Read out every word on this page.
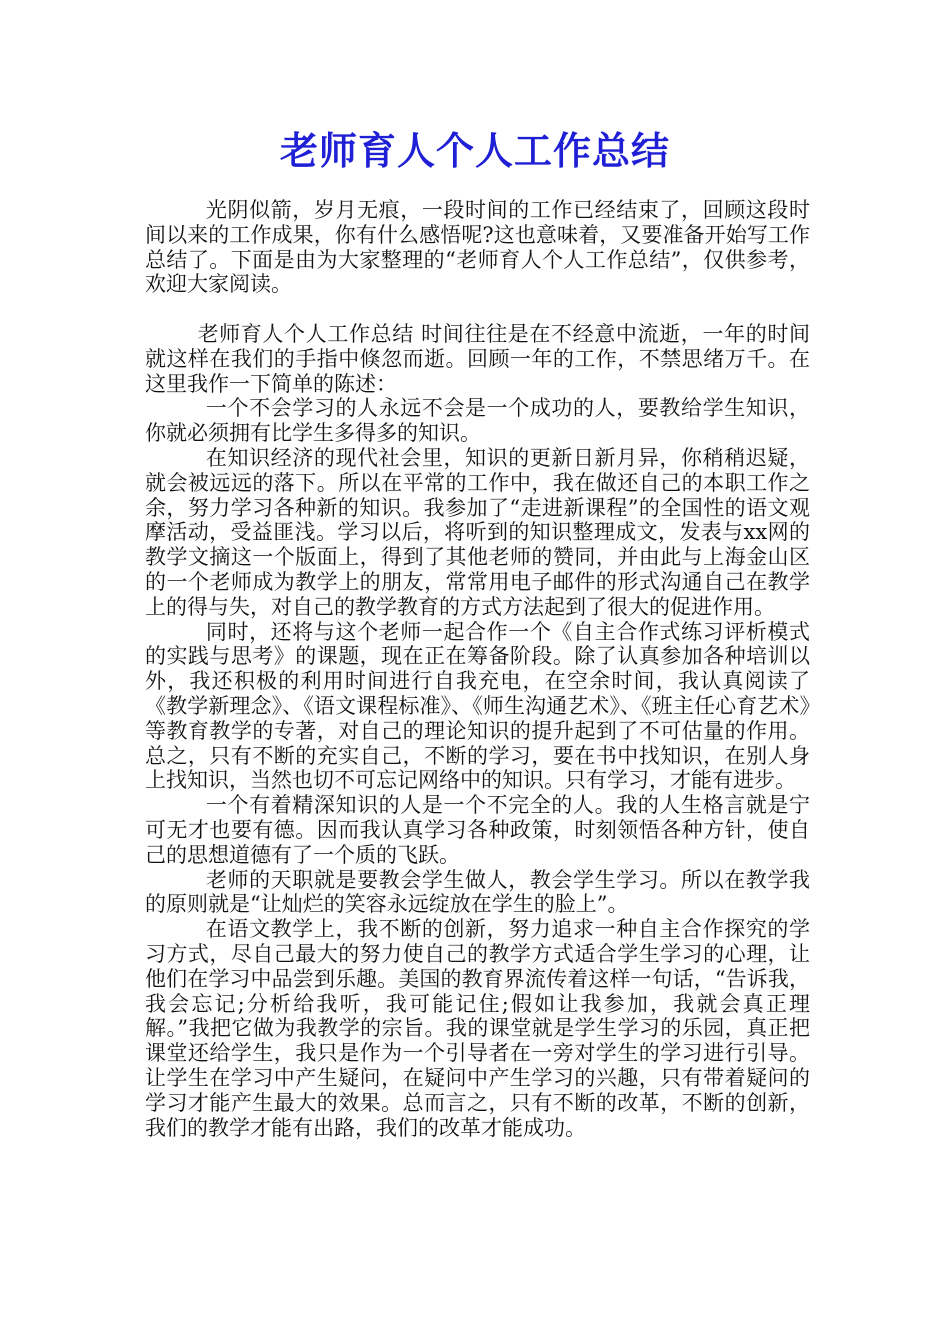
老师育人个人工作总结

光阴似箭，岁月无痕，一段时间的工作已经结束了，回顾这段时间以来的工作成果，你有什么感悟呢?这也意味着，又要准备开始写工作总结了。下面是由为大家整理的“老师育人个人工作总结”，仅供参考，欢迎大家阅读。

老师育人个人工作总结 时间往往是在不经意中流逝，一年的时间就这样在我们的手指中倏忽而逝。回顾一年的工作，不禁思绪万千。在这里我作一下简单的陈述：

一个不会学习的人永远不会是一个成功的人，要教给学生知识，你就必须拥有比学生多得多的知识。

在知识经济的现代社会里，知识的更新日新月异，你稍稍迟疑，就会被远远的落下。所以在平常的工作中，我在做还自己的本职工作之余，努力学习各种新的知识。我参加了“走进新课程”的全国性的语文观摩活动，受益匪浅。学习以后，将听到的知识整理成文，发表与xx网的教学文摘这一个版面上，得到了其他老师的赞同，并由此与上海金山区的一个老师成为教学上的朋友，常常用电子邮件的形式沟通自己在教学上的得与失，对自己的教学教育的方式方法起到了很大的促进作用。

同时，还将与这个老师一起合作一个《自主合作式练习评析模式的实践与思考》的课题，现在正在筹备阶段。除了认真参加各种培训以外，我还积极的利用时间进行自我充电，在空余时间，我认真阅读了《教学新理念》、《语文课程标准》、《师生沟通艺术》、《班主任心育艺术》等教育教学的专著，对自己的理论知识的提升起到了不可估量的作用。总之，只有不断的充实自己，不断的学习，要在书中找知识，在别人身上找知识，当然也切不可忘记网络中的知识。只有学习，才能有进步。

一个有着精深知识的人是一个不完全的人。我的人生格言就是宁可无才也要有德。因而我认真学习各种政策，时刻领悟各种方针，使自己的思想道德有了一个质的飞跃。

老师的天职就是要教会学生做人，教会学生学习。所以在教学我的原则就是“让灿烂的笑容永远绽放在学生的脸上”。

在语文教学上，我不断的创新，努力追求一种自主合作探究的学习方式，尽自己最大的努力使自己的教学方式适合学生学习的心理，让他们在学习中品尝到乐趣。美国的教育界流传着这样一句话，“告诉我，我会忘记;分析给我听，我可能记住;假如让我参加，我就会真正理解。”我把它做为我教学的宗旨。我的课堂就是学生学习的乐园，真正把课堂还给学生，我只是作为一个引导者在一旁对学生的学习进行引导。让学生在学习中产生疑问，在疑问中产生学习的兴趣，只有带着疑问的学习才能产生最大的效果。总而言之，只有不断的改革，不断的创新，我们的教学才能有出路，我们的改革才能成功。
